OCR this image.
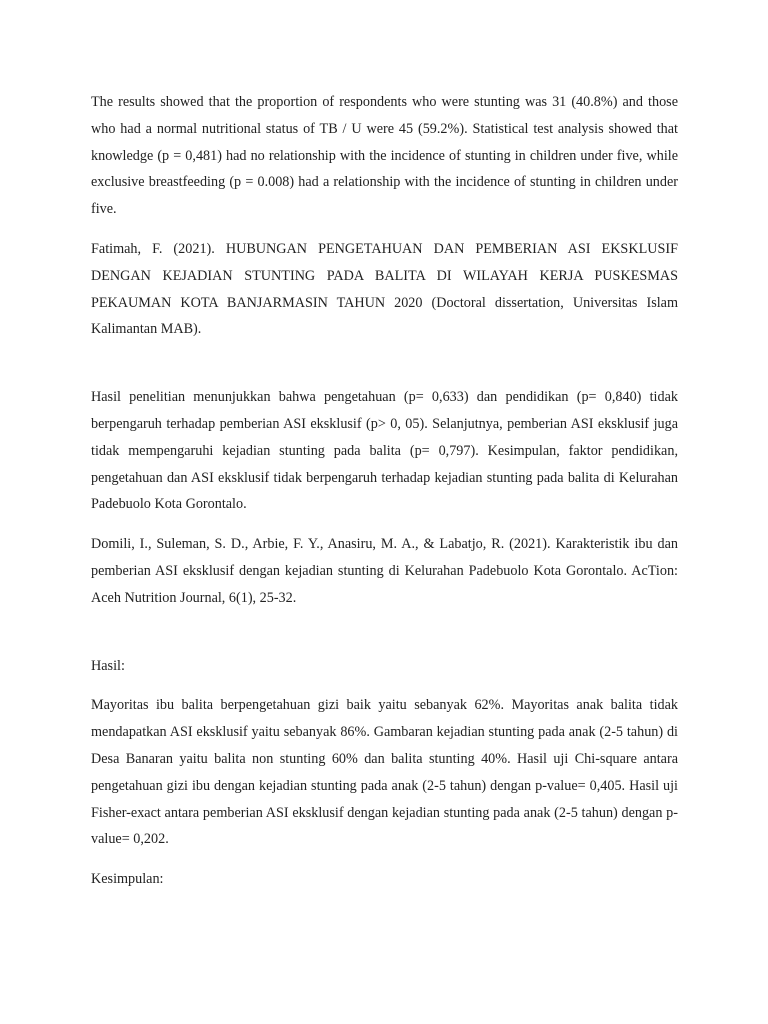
The results showed that the proportion of respondents who were stunting was 31 (40.8%) and those who had a normal nutritional status of TB / U were 45 (59.2%). Statistical test analysis showed that knowledge (p = 0,481) had no relationship with the incidence of stunting in children under five, while exclusive breastfeeding (p = 0.008) had a relationship with the incidence of stunting in children under five.

Fatimah, F. (2021). HUBUNGAN PENGETAHUAN DAN PEMBERIAN ASI EKSKLUSIF DENGAN KEJADIAN STUNTING PADA BALITA DI WILAYAH KERJA PUSKESMAS PEKAUMAN KOTA BANJARMASIN TAHUN 2020 (Doctoral dissertation, Universitas Islam Kalimantan MAB).

Hasil penelitian menunjukkan bahwa pengetahuan (p= 0,633) dan pendidikan (p= 0,840) tidak berpengaruh terhadap pemberian ASI eksklusif (p> 0, 05). Selanjutnya, pemberian ASI eksklusif juga tidak mempengaruhi kejadian stunting pada balita (p= 0,797). Kesimpulan, faktor pendidikan, pengetahuan dan ASI eksklusif tidak berpengaruh terhadap kejadian stunting pada balita di Kelurahan Padebuolo Kota Gorontalo.

Domili, I., Suleman, S. D., Arbie, F. Y., Anasiru, M. A., & Labatjo, R. (2021). Karakteristik ibu dan pemberian ASI eksklusif dengan kejadian stunting di Kelurahan Padebuolo Kota Gorontalo. AcTion: Aceh Nutrition Journal, 6(1), 25-32.

Hasil:

Mayoritas ibu balita berpengetahuan gizi baik yaitu sebanyak 62%. Mayoritas anak balita tidak mendapatkan ASI eksklusif yaitu sebanyak 86%. Gambaran kejadian stunting pada anak (2-5 tahun) di Desa Banaran yaitu balita non stunting 60% dan balita stunting 40%. Hasil uji Chi-square antara pengetahuan gizi ibu dengan kejadian stunting pada anak (2-5 tahun) dengan p-value= 0,405. Hasil uji Fisher-exact antara pemberian ASI eksklusif dengan kejadian stunting pada anak (2-5 tahun) dengan p-value= 0,202.

Kesimpulan:
